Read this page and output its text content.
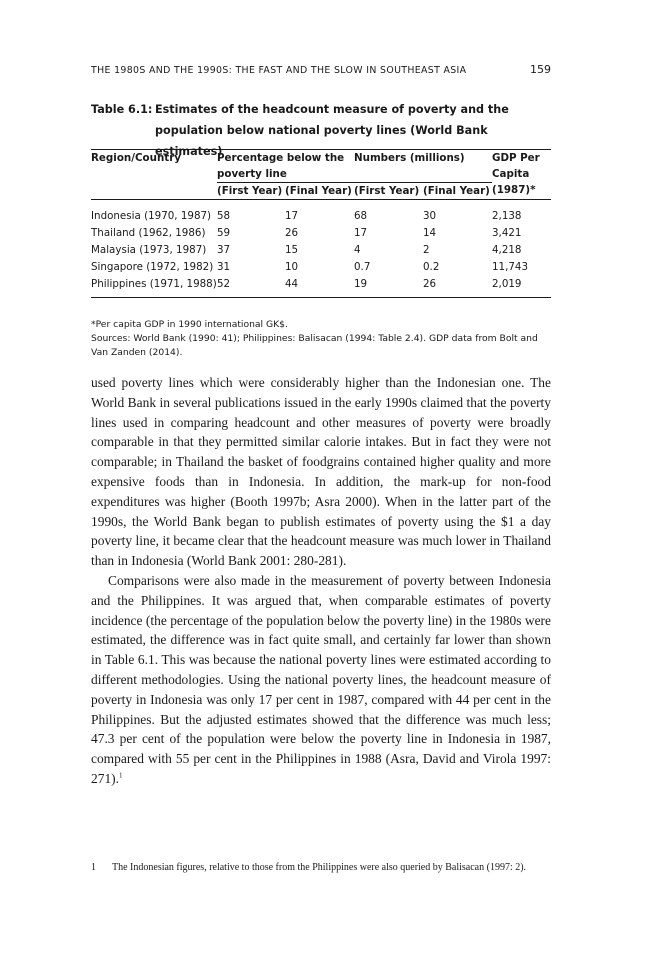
THE 1980S AND THE 1990S: THE FAST AND THE SLOW IN SOUTHEAST ASIA	159
Table 6.1: Estimates of the headcount measure of poverty and the population below national poverty lines (World Bank estimates)
Region/Country	Percentage below the poverty line		Numbers (millions)		GDP Per Capita (1987)*
	(First Year)	(Final Year)	(First Year)	(Final Year)	
Indonesia (1970, 1987)	58	17	68	30	2,138
Thailand (1962, 1986)	59	26	17	14	3,421
Malaysia (1973, 1987)	37	15	4	2	4,218
Singapore (1972, 1982)	31	10	0.7	0.2	11,743
Philippines (1971, 1988)	52	44	19	26	2,019
*Per capita GDP in 1990 international GK$.
Sources: World Bank (1990: 41); Philippines: Balisacan (1994: Table 2.4). GDP data from Bolt and Van Zanden (2014).

used poverty lines which were considerably higher than the Indonesian one. The World Bank in several publications issued in the early 1990s claimed that the poverty lines used in comparing headcount and other measures of poverty were broadly comparable in that they permitted similar calorie intakes. But in fact they were not comparable; in Thailand the basket of foodgrains contained higher quality and more expensive foods than in Indonesia. In addition, the mark-up for non-food expenditures was higher (Booth 1997b; Asra 2000). When in the latter part of the 1990s, the World Bank began to publish estimates of poverty using the $1 a day poverty line, it became clear that the headcount measure was much lower in Thailand than in Indonesia (World Bank 2001: 280-281).

Comparisons were also made in the measurement of poverty between Indonesia and the Philippines. It was argued that, when comparable estimates of poverty incidence (the percentage of the population below the poverty line) in the 1980s were estimated, the difference was in fact quite small, and certainly far lower than shown in Table 6.1. This was because the national poverty lines were estimated according to different methodologies. Using the national poverty lines, the headcount measure of poverty in Indonesia was only 17 per cent in 1987, compared with 44 per cent in the Philippines. But the adjusted estimates showed that the difference was much less; 47.3 per cent of the population were below the poverty line in Indonesia in 1987, compared with 55 per cent in the Philippines in 1988 (Asra, David and Virola 1997: 271).$^1$

1 The Indonesian figures, relative to those from the Philippines were also queried by Balisacan (1997: 2).
